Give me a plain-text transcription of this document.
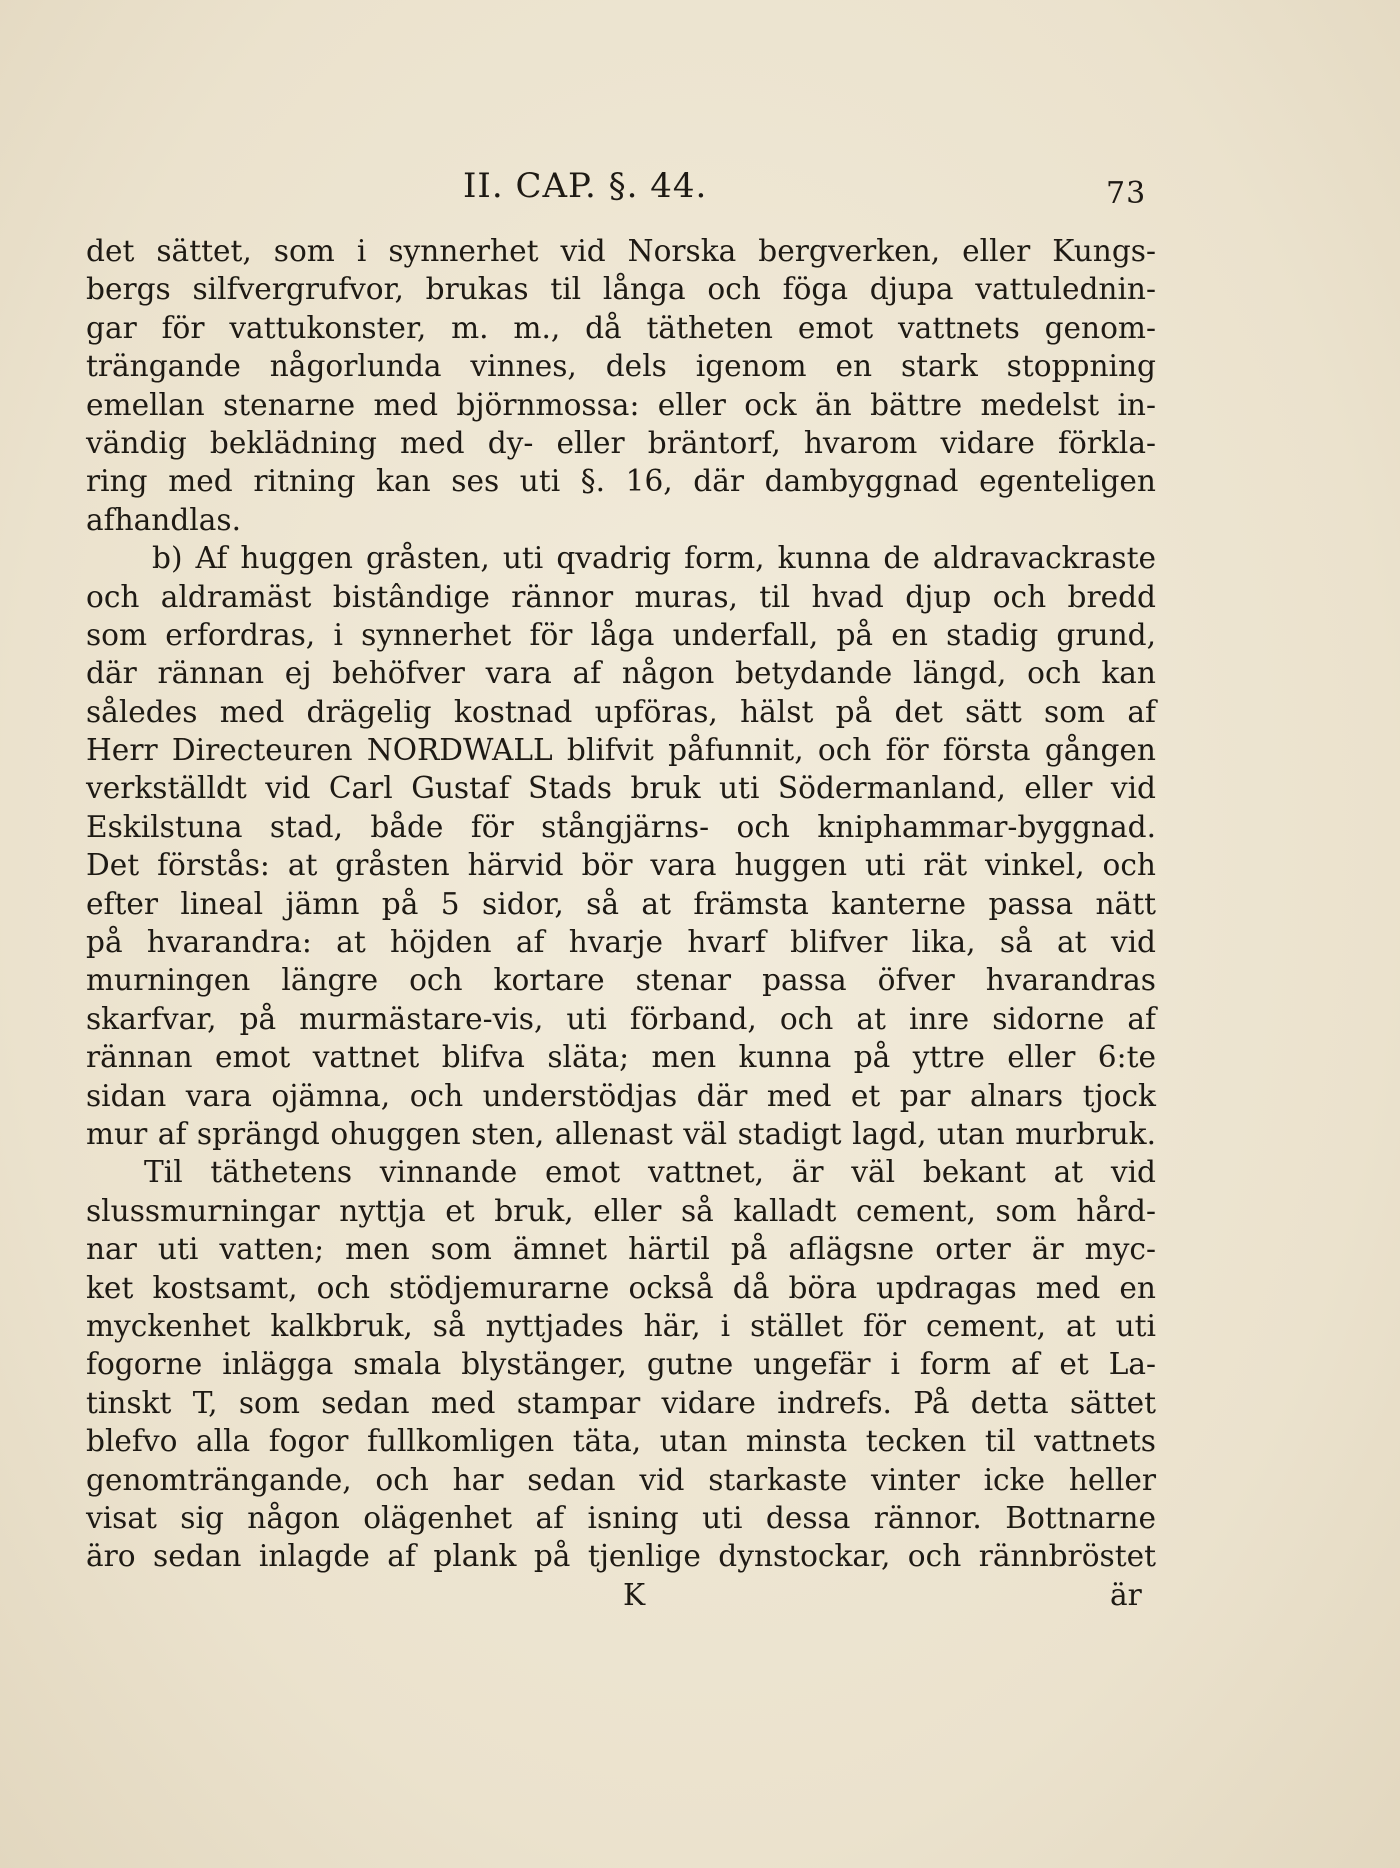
II. CAP. §. 44.	73
det sättet, som i synnerhet vid Norska bergverken, eller Kungs-
bergs silfvergrufvor, brukas til långa och föga djupa vattulednin-
gar för vattukonster, m. m., då tätheten emot vattnets genom-
trängande någorlunda vinnes, dels igenom en stark stoppning
emellan stenarne med björnmossa: eller ock än bättre medelst in-
vändig beklädning med dy- eller bräntorf, hvarom vidare förkla-
ring med ritning kan ses uti §. 16, där dambyggnad egenteligen
afhandlas.
b) Af huggen gråsten, uti qvadrig form, kunna de aldravackraste
och aldramäst bistândige rännor muras, til hvad djup och bredd
som erfordras, i synnerhet för låga underfall, på en stadig grund,
där rännan ej behöfver vara af någon betydande längd, och kan
således med drägelig kostnad upföras, hälst på det sätt som af
Herr Directeuren NORDWALL blifvit påfunnit, och för första gången
verkställdt vid Carl Gustaf Stads bruk uti Södermanland, eller vid
Eskilstuna stad, både för stångjärns- och kniphammar-byggnad.
Det förstås: at gråsten härvid bör vara huggen uti rät vinkel, och
efter lineal jämn på 5 sidor, så at främsta kanterne passa nätt
på hvarandra: at höjden af hvarje hvarf blifver lika, så at vid
murningen längre och kortare stenar passa öfver hvarandras
skarfvar, på murmästare-vis, uti förband, och at inre sidorne af
rännan emot vattnet blifva släta; men kunna på yttre eller 6:te
sidan vara ojämna, och understödjas där med et par alnars tjock
mur af sprängd ohuggen sten, allenast väl stadigt lagd, utan murbruk.
Til täthetens vinnande emot vattnet, är väl bekant at vid
slussmurningar nyttja et bruk, eller så kalladt cement, som hård-
nar uti vatten; men som ämnet härtil på aflägsne orter är myc-
ket kostsamt, och stödjemurarne också då böra updragas med en
myckenhet kalkbruk, så nyttjades här, i stället för cement, at uti
fogorne inlägga smala blystänger, gutne ungefär i form af et La-
tinskt T, som sedan med stampar vidare indrefs. På detta sättet
blefvo alla fogor fullkomligen täta, utan minsta tecken til vattnets
genomträngande, och har sedan vid starkaste vinter icke heller
visat sig någon olägenhet af isning uti dessa rännor. Bottnarne
äro sedan inlagde af plank på tjenlige dynstockar, och rännbröstet
K	är
